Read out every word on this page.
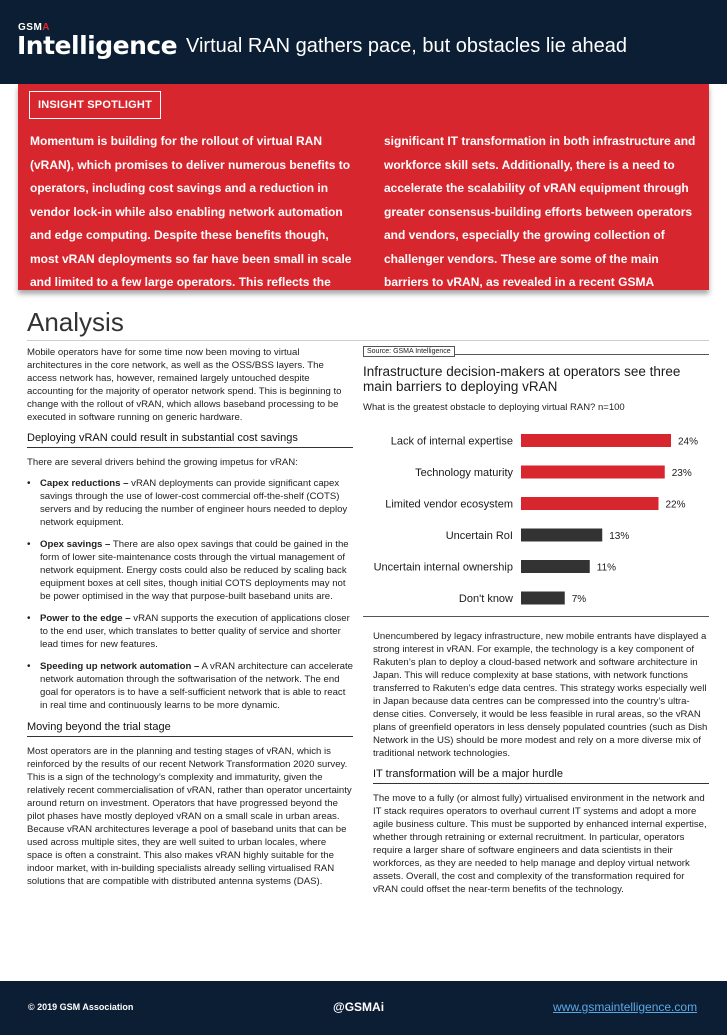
GSMA
Intelligence Virtual RAN gathers pace, but obstacles lie ahead
INSIGHT SPOTLIGHT
Momentum is building for the rollout of virtual RAN (vRAN), which promises to deliver numerous benefits to operators, including cost savings and a reduction in vendor lock-in while also enabling network automation and edge computing. Despite these benefits though, most vRAN deployments so far have been small in scale and limited to a few large operators. This reflects the complexity of vRAN, which requires operators to undergo
significant IT transformation in both infrastructure and workforce skill sets. Additionally, there is a need to accelerate the scalability of vRAN equipment through greater consensus-building efforts between operators and vendors, especially the growing collection of challenger vendors. These are some of the main barriers to vRAN, as revealed in a recent GSMA Intelligence survey.
Analysis

Mobile operators have for some time now been moving to virtual architectures in the core network, as well as the OSS/BSS layers. The access network has, however, remained largely untouched despite accounting for the majority of operator network spend. This is beginning to change with the rollout of vRAN, which allows baseband processing to be executed in software running on generic hardware.

Deploying vRAN could result in substantial cost savings

There are several drivers behind the growing impetus for vRAN:

• Capex reductions – vRAN deployments can provide significant capex savings through the use of lower-cost commercial off-the-shelf (COTS) servers and by reducing the number of engineer hours needed to deploy network equipment.
• Opex savings – There are also opex savings that could be gained in the form of lower site-maintenance costs through the virtual management of network equipment. Energy costs could also be reduced by scaling back equipment boxes at cell sites, though initial COTS deployments may not be power optimised in the way that purpose-built baseband units are.
• Power to the edge – vRAN supports the execution of applications closer to the end user, which translates to better quality of service and shorter lead times for new features.
• Speeding up network automation – A vRAN architecture can accelerate network automation through the softwarisation of the network. The end goal for operators is to have a self-sufficient network that is able to react in real time and continuously learns to be more dynamic.
Moving beyond the trial stage

Most operators are in the planning and testing stages of vRAN, which is reinforced by the results of our recent Network Transformation 2020 survey. This is a sign of the technology’s complexity and immaturity, given the relatively recent commercialisation of vRAN, rather than operator uncertainty around return on investment. Operators that have progressed beyond the pilot phases have mostly deployed vRAN on a small scale in urban areas. Because vRAN architectures leverage a pool of baseband units that can be used across multiple sites, they are well suited to urban locales, where space is often a constraint. This also makes vRAN highly suitable for the indoor market, with in-building specialists already selling virtualised RAN solutions that are compatible with distributed antenna systems (DAS).

Source: GSMA Intelligence
Infrastructure decision-makers at operators see three main barriers to deploying vRAN
What is the greatest obstacle to deploying virtual RAN? n=100
Lack of internal expertise	24%
Technology maturity	23%
Limited vendor ecosystem	22%
Uncertain RoI	13%
Uncertain internal ownership	11%
Don't know	7%

Unencumbered by legacy infrastructure, new mobile entrants have displayed a strong interest in vRAN. For example, the technology is a key component of Rakuten’s plan to deploy a cloud-based network and software architecture in Japan. This will reduce complexity at base stations, with network functions transferred to Rakuten’s edge data centres. This strategy works especially well in Japan because data centres can be compressed into the country’s ultra-dense cities. Conversely, it would be less feasible in rural areas, so the vRAN plans of greenfield operators in less densely populated countries (such as Dish Network in the US) should be more modest and rely on a more diverse mix of traditional network technologies.

IT transformation will be a major hurdle

The move to a fully (or almost fully) virtualised environment in the network and IT stack requires operators to overhaul current IT systems and adopt a more agile business culture. This must be supported by enhanced internal expertise, whether through retraining or external recruitment. In particular, operators require a larger share of software engineers and data scientists in their workforces, as they are needed to help manage and deploy virtual network assets. Overall, the cost and complexity of the transformation required for vRAN could offset the near-term benefits of the technology.

© 2019 GSM Association	@GSMAi	www.gsmaintelligence.com
